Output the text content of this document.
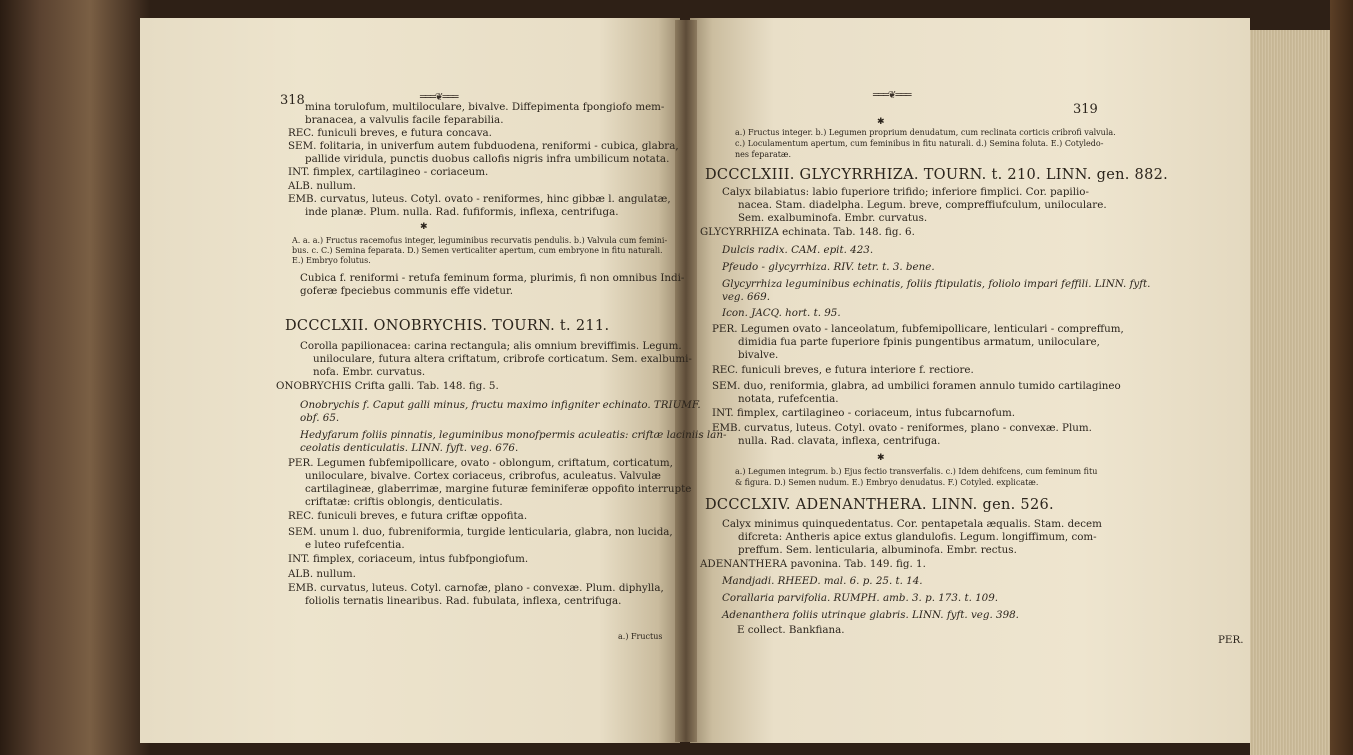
318	═══❦═══
✱
319
═══❦═══
✱
✱
mina torulofum, multiloculare, bivalve. Diffepimenta fpongiofo mem-
branacea, a valvulis facile feparabilia.
REC. funiculi breves, e futura concava.
SEM. folitaria, in univerfum autem fubduodena, reniformi - cubica, glabra,
pallide viridula, punctis duobus callofis nigris infra umbilicum notata.
INT. fimplex, cartilagineo - coriaceum.
ALB. nullum.
EMB. curvatus, luteus. Cotyl. ovato - reniformes, hinc gibbæ l. angulatæ,
inde planæ. Plum. nulla. Rad. fufiformis, inflexa, centrifuga.
A. a. a.) Fructus racemofus integer, leguminibus recurvatis pendulis. b.) Valvula cum femini-
bus. c. C.) Semina feparata. D.) Semen verticaliter apertum, cum embryone in fitu naturali.
E.) Embryo folutus.
Cubica f. reniformi - retufa feminum forma, plurimis, fi non omnibus Indi-
goferæ fpeciebus communis effe videtur.
DCCCLXII. ONOBRYCHIS. TOURN. t. 211.
Corolla papilionacea: carina rectangula; alis omnium breviffimis. Legum.
uniloculare, futura altera criftatum, cribrofe corticatum. Sem. exalbumi-
nofa. Embr. curvatus.
ONOBRYCHIS Crifta galli. Tab. 148. fig. 5.
Onobrychis f. Caput galli minus, fructu maximo infigniter echinato. TRIUMF.
obf. 65.
Hedyfarum foliis pinnatis, leguminibus monofpermis aculeatis: criftæ laciniis lan-
ceolatis denticulatis. LINN. fyft. veg. 676.
PER. Legumen fubfemipollicare, ovato - oblongum, criftatum, corticatum,
uniloculare, bivalve. Cortex coriaceus, cribrofus, aculeatus. Valvulæ
cartilagineæ, glaberrimæ, margine futuræ feminiferæ oppofito interrupte
criftatæ: criftis oblongis, denticulatis.
REC. funiculi breves, e futura criftæ oppofita.
SEM. unum l. duo, fubreniformia, turgide lenticularia, glabra, non lucida,
e luteo rufefcentia.
INT. fimplex, coriaceum, intus fubfpongiofum.
ALB. nullum.
EMB. curvatus, luteus. Cotyl. carnofæ, plano - convexæ. Plum. diphylla,
foliolis ternatis linearibus. Rad. fubulata, inflexa, centrifuga.
a.) Fructus
a.) Fructus integer. b.) Legumen proprium denudatum, cum reclinata corticis cribrofi valvula.
c.) Loculamentum apertum, cum feminibus in fitu naturali. d.) Semina foluta. E.) Cotyledo-
nes feparatæ.
DCCCLXIII. GLYCYRRHIZA. TOURN. t. 210. LINN. gen. 882.
Calyx bilabiatus: labio fuperiore trifido; inferiore fimplici. Cor. papilio-
nacea. Stam. diadelpha. Legum. breve, compreffiufculum, uniloculare.
Sem. exalbuminofa. Embr. curvatus.
GLYCYRRHIZA echinata. Tab. 148. fig. 6.
Dulcis radix. CAM. epit. 423.
Pfeudo - glycyrrhiza. RIV. tetr. t. 3. bene.
Glycyrrhiza leguminibus echinatis, foliis ftipulatis, foliolo impari feffili. LINN. fyft.
veg. 669.
Icon. JACQ. hort. t. 95.
PER. Legumen ovato - lanceolatum, fubfemipollicare, lenticulari - compreffum,
dimidia fua parte fuperiore fpinis pungentibus armatum, uniloculare,
bivalve.
REC. funiculi breves, e futura interiore f. rectiore.
SEM. duo, reniformia, glabra, ad umbilici foramen annulo tumido cartilagineo
notata, rufefcentia.
INT. fimplex, cartilagineo - coriaceum, intus fubcarnofum.
EMB. curvatus, luteus. Cotyl. ovato - reniformes, plano - convexæ. Plum.
nulla. Rad. clavata, inflexa, centrifuga.
a.) Legumen integrum. b.) Ejus fectio transverfalis. c.) Idem dehifcens, cum feminum fitu
& figura. D.) Semen nudum. E.) Embryo denudatus. F.) Cotyled. explicatæ.
DCCCLXIV. ADENANTHERA. LINN. gen. 526.
Calyx minimus quinquedentatus. Cor. pentapetala æqualis. Stam. decem
difcreta: Antheris apice extus glandulofis. Legum. longiffimum, com-
preffum. Sem. lenticularia, albuminofa. Embr. rectus.
ADENANTHERA pavonina. Tab. 149. fig. 1.
Mandjadi. RHEED. mal. 6. p. 25. t. 14.
Corallaria parvifolia. RUMPH. amb. 3. p. 173. t. 109.
Adenanthera foliis utrinque glabris. LINN. fyft. veg. 398.
E collect. Bankfiana.
PER.
